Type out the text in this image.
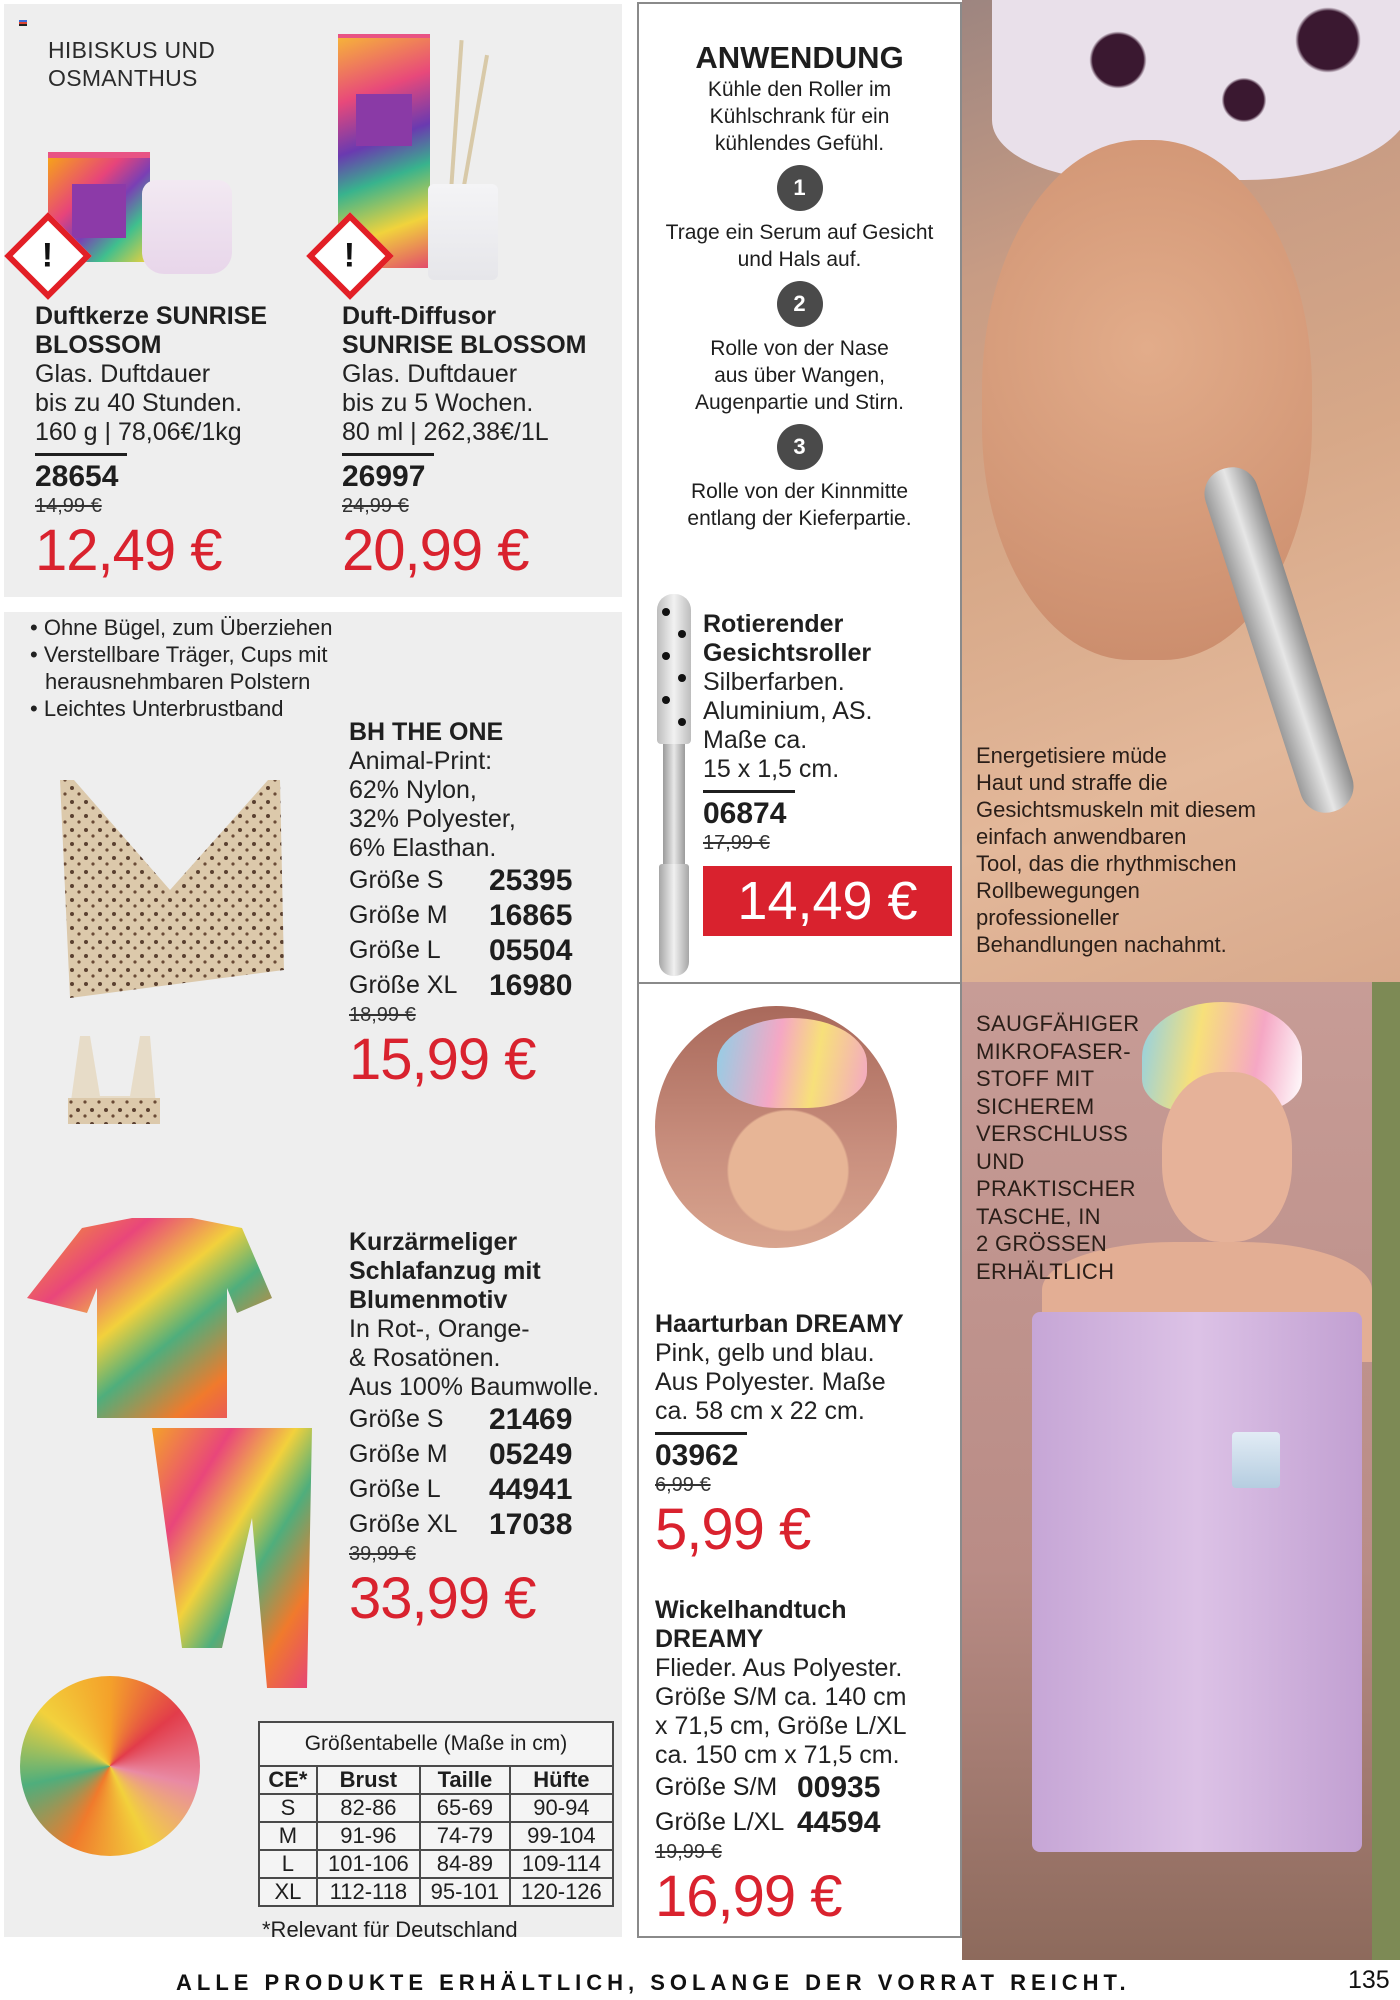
HIBISKUS UND
OSMANTHUS
!	!
Duftkerze SUNRISE
BLOSSOM
Glas. Duftdauer
bis zu 40 Stunden.
160 g | 78,06€/1kg
28654
14,99 €
12,49 €
Duft-Diffusor
SUNRISE BLOSSOM
Glas. Duftdauer
bis zu 5 Wochen.
80 ml | 262,38€/1L
26997
24,99 €
20,99 €
• Ohne Bügel, zum Überziehen
• Verstellbare Träger, Cups mit
herausnehmbaren Polstern
• Leichtes Unterbrustband
BH THE ONE
Animal-Print:
62% Nylon,
32% Polyester,
6% Elasthan.
Größe S	25395
Größe M	16865
Größe L	05504
Größe XL	16980
18,99 €
15,99 €
Kurzärmeliger
Schlafanzug mit
Blumenmotiv
In Rot-, Orange-
& Rosatönen.
Aus 100% Baumwolle.
Größe S	21469
Größe M	05249
Größe L	44941
Größe XL	17038
39,99 €
33,99 €
Größentabelle (Maße in cm)			
CE*	Brust	Taille	Hüfte
S	82-86	65-69	90-94
M	91-96	74-79	99-104
L	101-106	84-89	109-114
XL	112-118	95-101	120-126
*Relevant für Deutschland
ANWENDUNG
Kühle den Roller im
Kühlschrank für ein
kühlendes Gefühl.
1
Trage ein Serum auf Gesicht
und Hals auf.
2
Rolle von der Nase
aus über Wangen,
Augenpartie und Stirn.
3
Rolle von der Kinnmitte
entlang der Kieferpartie.
Rotierender
Gesichtsroller
Silberfarben.
Aluminium, AS.
Maße ca.
15 x 1,5 cm.
06874
17,99 €
14,49 €
Haarturban DREAMY
Pink, gelb und blau.
Aus Polyester. Maße
ca. 58 cm x 22 cm.
03962
6,99 €
5,99 €
Wickelhandtuch
DREAMY
Flieder. Aus Polyester.
Größe S/M ca. 140 cm
x 71,5 cm, Größe L/XL
ca. 150 cm x 71,5 cm.
Größe S/M 00935
Größe L/XL 44594
19,99 €
16,99 €
Energetisiere müde
Haut und straffe die
Gesichtsmuskeln mit diesem
einfach anwendbaren
Tool, das die rhythmischen
Rollbewegungen
professioneller
Behandlungen nachahmt.
SAUGFÄHIGER
MIKROFASER-
STOFF MIT
SICHEREM
VERSCHLUSS
UND
PRAKTISCHER
TASCHE, IN
2 GRÖSSEN
ERHÄLTLICH
ALLE PRODUKTE ERHÄLTLICH, SOLANGE DER VORRAT REICHT.	135
